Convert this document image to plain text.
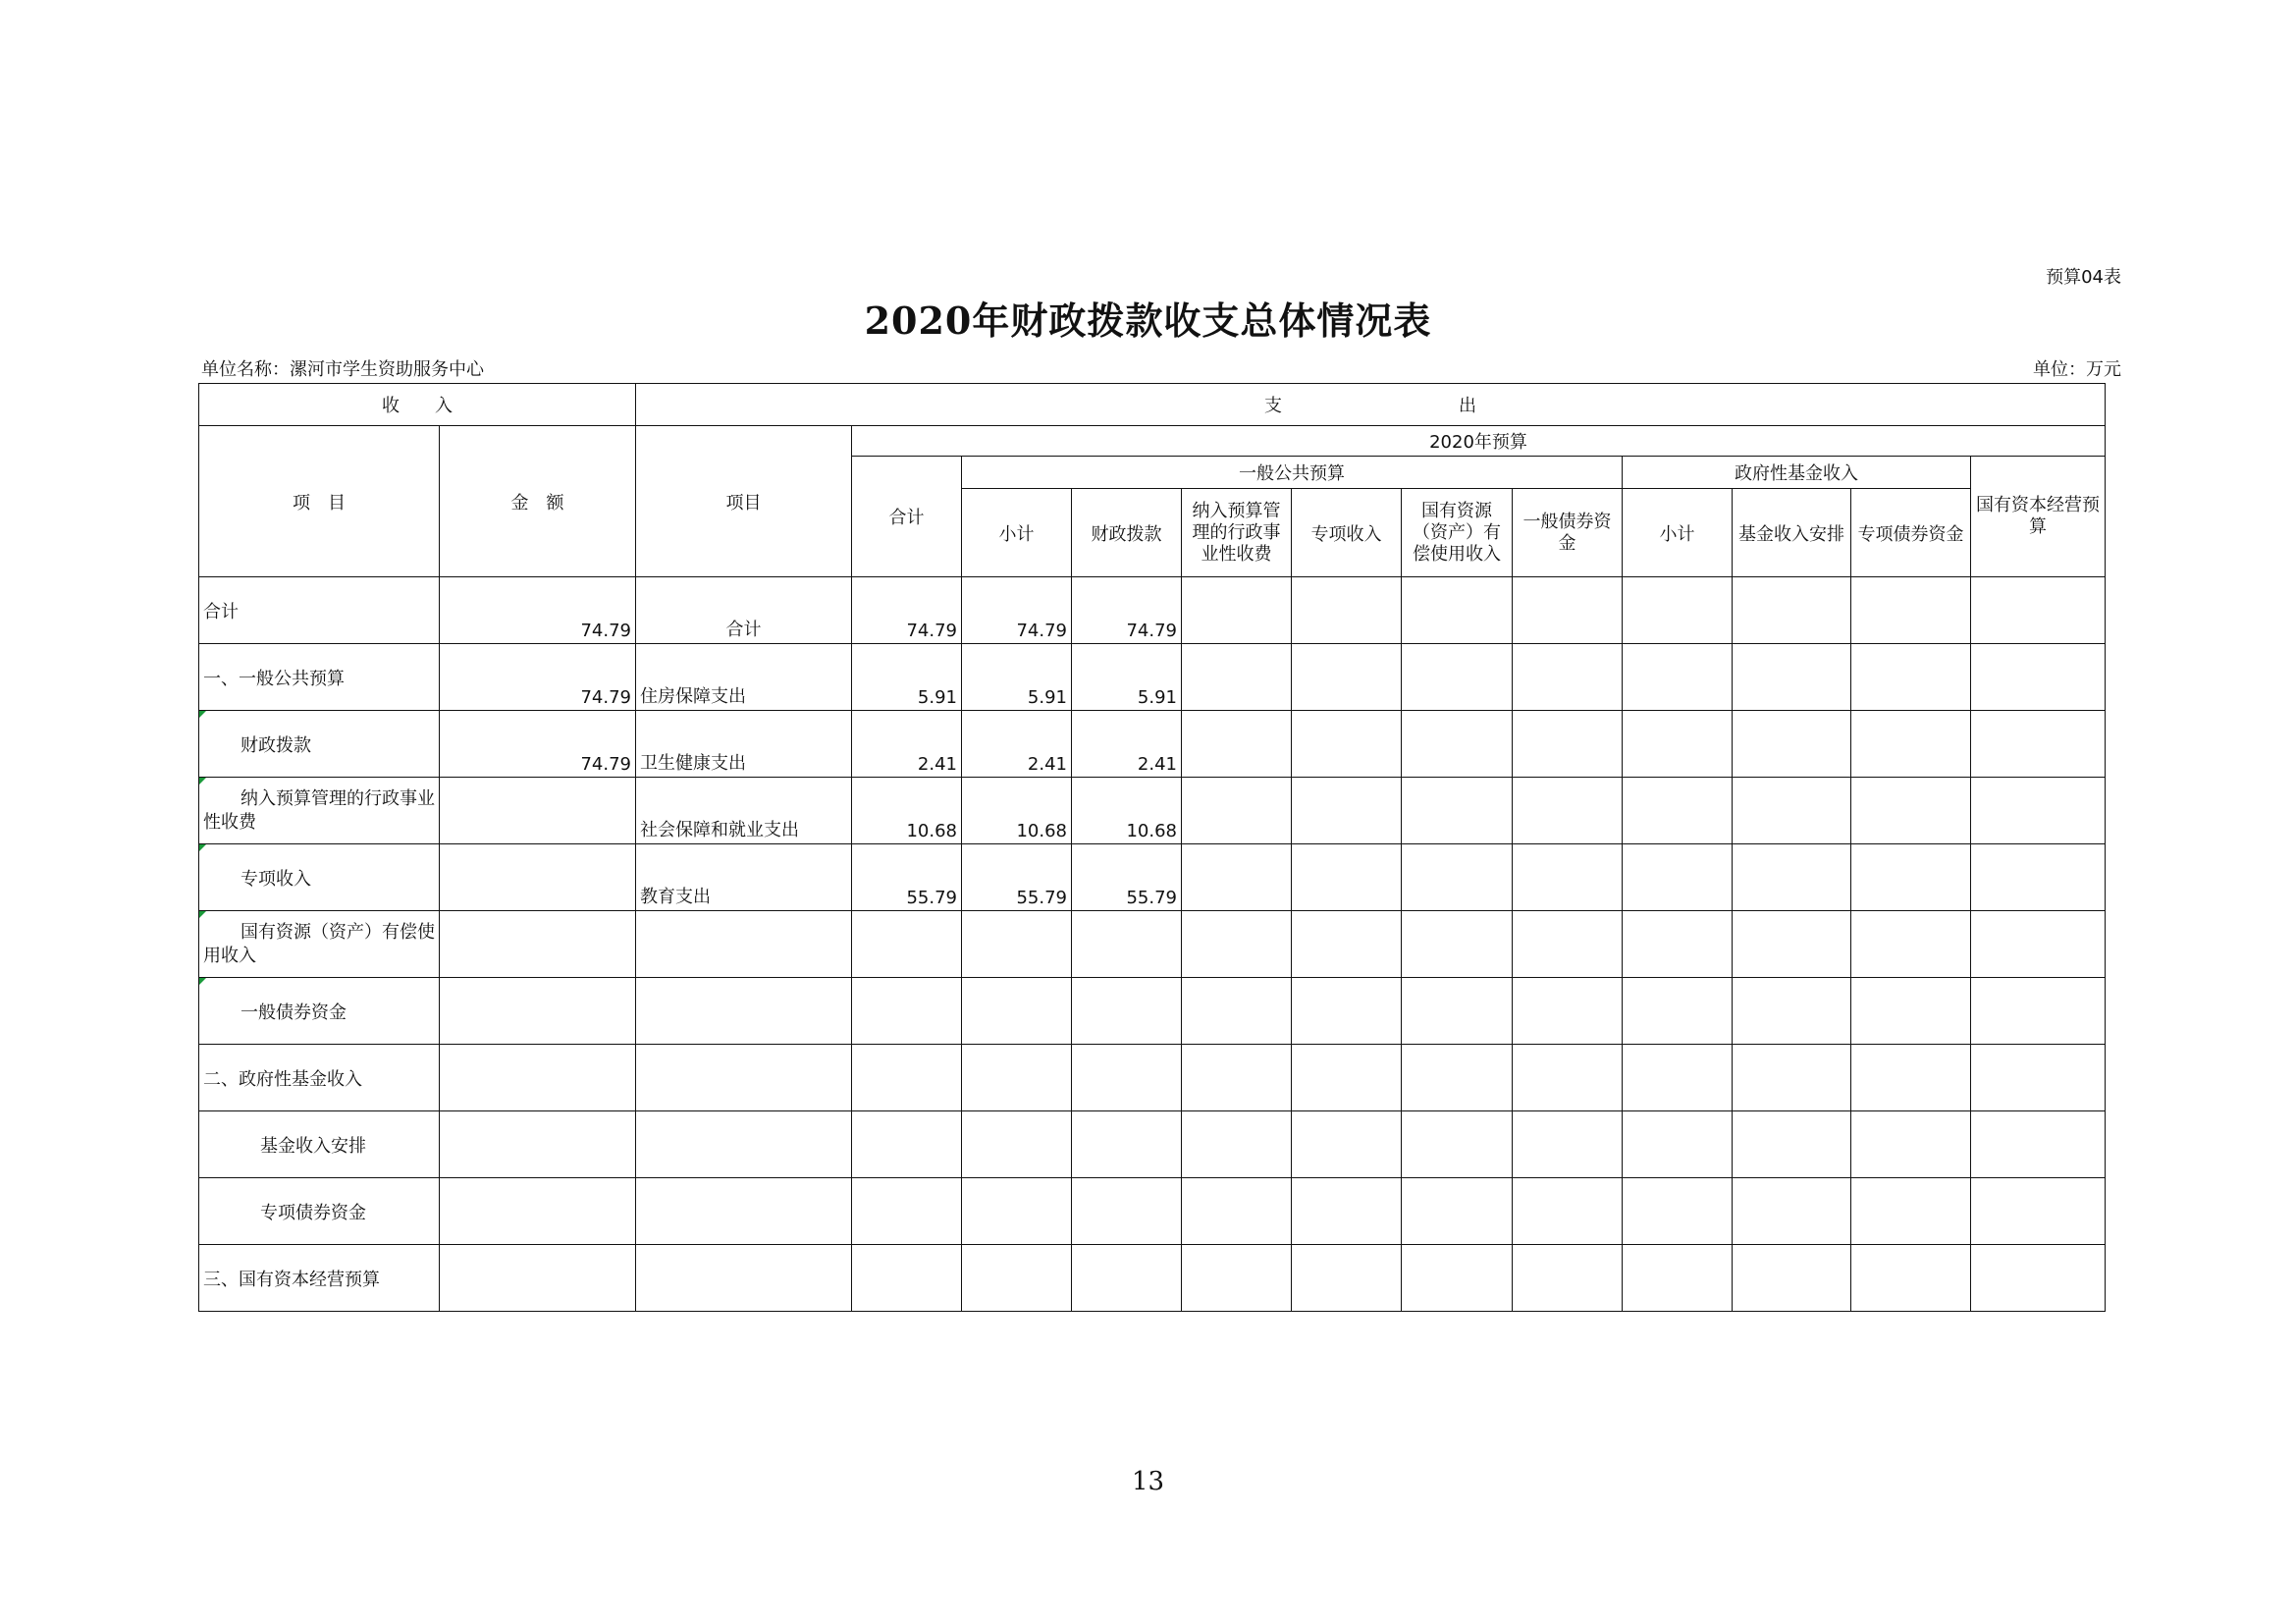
预算04表
2020年财政拨款收支总体情况表
单位名称：漯河市学生资助服务中心	单位：万元
收　　入		支　　　　　　　　　　出											
项　目	金　额	项目	2020年预算										
			合计	一般公共预算						政府性基金收入			国有资本经营预算
				小计	财政拨款	纳入预算管理的行政事业性收费	专项收入	国有资源（资产）有偿使用收入	一般债券资金	小计	基金收入安排	专项债券资金	

合计	74.79	合计	74.79	74.79	74.79								
一、一般公共预算	74.79	住房保障支出	5.91	5.91	5.91								
财政拨款	74.79	卫生健康支出	2.41	2.41	2.41								
纳入预算管理的行政事业性收费		社会保障和就业支出	10.68	10.68	10.68								
专项收入		教育支出	55.79	55.79	55.79								
国有资源（资产）有偿使用收入													
一般债券资金													
二、政府性基金收入													
基金收入安排													
专项债券资金													
三、国有资本经营预算													
13
